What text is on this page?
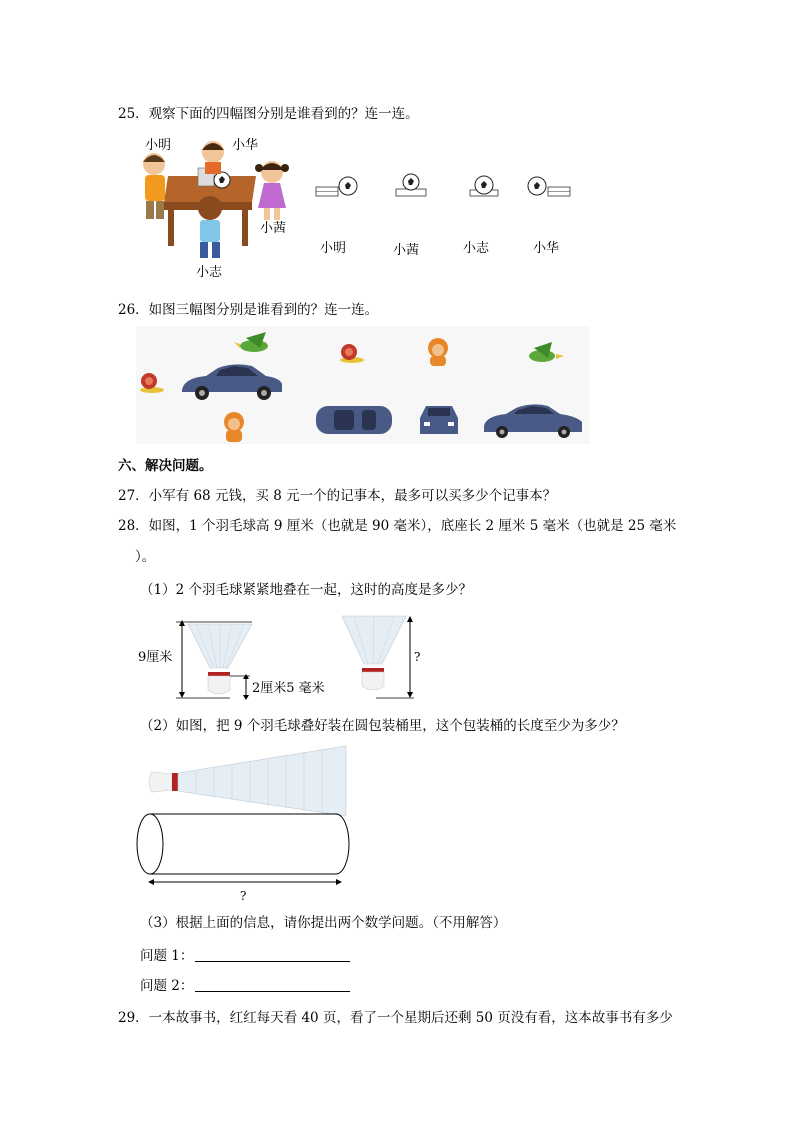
25．观察下面的四幅图分别是谁看到的？连一连。
小明	小华
小茜
小志
小明	小茜	小志	小华
26．如图三幅图分别是谁看到的？连一连。
六、解决问题。
27．小军有 68 元钱，买 8 元一个的记事本，最多可以买多少个记事本？
28．如图，1 个羽毛球高 9 厘米（也就是 90 毫米），底座长 2 厘米 5 毫米（也就是 25 毫米
）。
（1）2 个羽毛球紧紧地叠在一起，这时的高度是多少？
9厘米
2厘米5 毫米
?
（2）如图，把 9 个羽毛球叠好装在圆包装桶里，这个包装桶的长度至少为多少？
?
（3）根据上面的信息，请你提出两个数学问题。（不用解答）
问题 1：
问题 2：
29．一本故事书，红红每天看 40 页，看了一个星期后还剩 50 页没有看，这本故事书有多少
